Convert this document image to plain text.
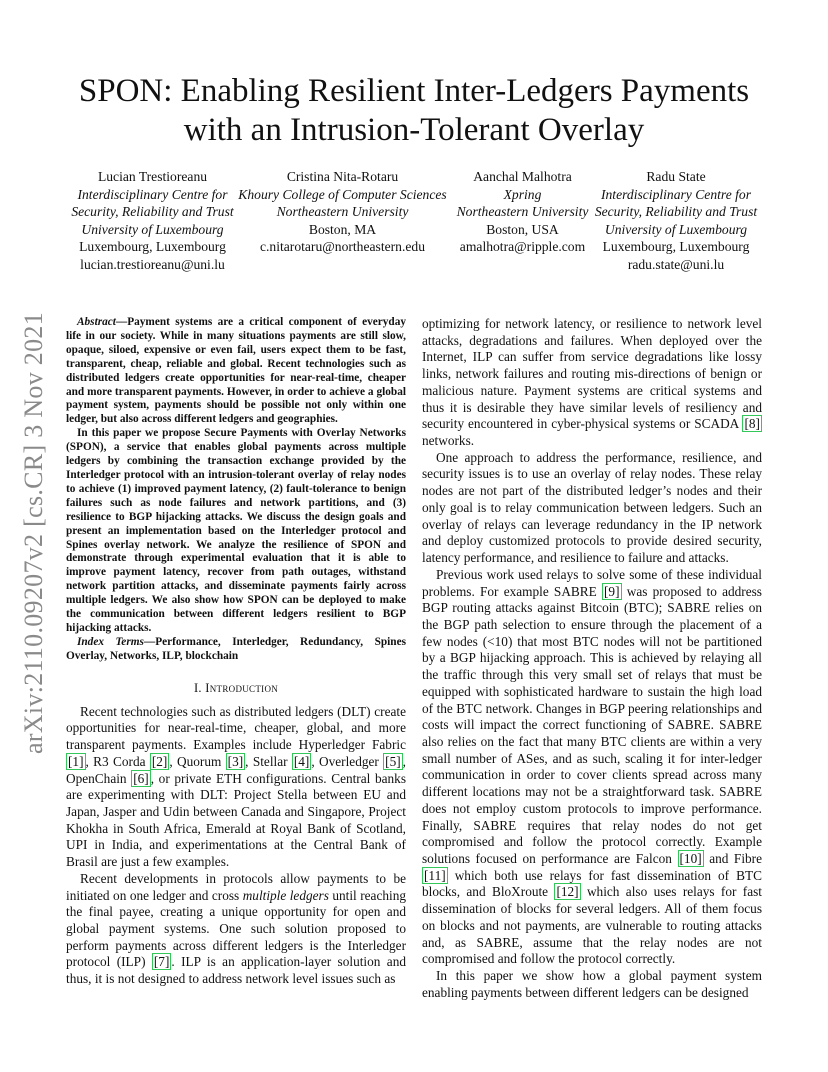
arXiv:2110.09207v2 [cs.CR] 3 Nov 2021
SPON: Enabling Resilient Inter-Ledgers Payments
with an Intrusion-Tolerant Overlay
Lucian Trestioreanu
Interdisciplinary Centre for
Security, Reliability and Trust
University of Luxembourg
Luxembourg, Luxembourg
lucian.trestioreanu@uni.lu
Cristina Nita-Rotaru
Khoury College of Computer Sciences
Northeastern University
Boston, MA
c.nitarotaru@northeastern.edu
Aanchal Malhotra
Xpring
Northeastern University
Boston, USA
amalhotra@ripple.com
Radu State
Interdisciplinary Centre for
Security, Reliability and Trust
University of Luxembourg
Luxembourg, Luxembourg
radu.state@uni.lu

Abstract—Payment systems are a critical component of everyday life in our society. While in many situations payments are still slow, opaque, siloed, expensive or even fail, users expect them to be fast, transparent, cheap, reliable and global. Recent technologies such as distributed ledgers create opportunities for near-real-time, cheaper and more transparent payments. However, in order to achieve a global payment system, payments should be possible not only within one ledger, but also across different ledgers and geographies.

In this paper we propose Secure Payments with Overlay Networks (SPON), a service that enables global payments across multiple ledgers by combining the transaction exchange provided by the Interledger protocol with an intrusion-tolerant overlay of relay nodes to achieve (1) improved payment latency, (2) fault-tolerance to benign failures such as node failures and network partitions, and (3) resilience to BGP hijacking attacks. We discuss the design goals and present an implementation based on the Interledger protocol and Spines overlay network. We analyze the resilience of SPON and demonstrate through experimental evaluation that it is able to improve payment latency, recover from path outages, withstand network partition attacks, and disseminate payments fairly across multiple ledgers. We also show how SPON can be deployed to make the communication between different ledgers resilient to BGP hijacking attacks.

Index Terms—Performance, Interledger, Redundancy, Spines Overlay, Networks, ILP, blockchain

I. Introduction

Recent technologies such as distributed ledgers (DLT) create opportunities for near-real-time, cheaper, global, and more transparent payments. Examples include Hyperledger Fabric [1] , R3 Corda [2] , Quorum [3] , Stellar [4] , Overledger [5] , OpenChain [6] , or private ETH configurations. Central banks are experimenting with DLT: Project Stella between EU and Japan, Jasper and Udin between Canada and Singapore, Project Khokha in South Africa, Emerald at Royal Bank of Scotland, UPI in India, and experimentations at the Central Bank of Brasil are just a few examples.

Recent developments in protocols allow payments to be initiated on one ledger and cross multiple ledgers until reaching the final payee, creating a unique opportunity for open and global payment systems. One such solution proposed to perform payments across different ledgers is the Interledger protocol (ILP) [7] . ILP is an application-layer solution and thus, it is not designed to address network level issues such as

optimizing for network latency, or resilience to network level attacks, degradations and failures. When deployed over the Internet, ILP can suffer from service degradations like lossy links, network failures and routing mis-directions of benign or malicious nature. Payment systems are critical systems and thus it is desirable they have similar levels of resiliency and security encountered in cyber-physical systems or SCADA [8] networks.

One approach to address the performance, resilience, and security issues is to use an overlay of relay nodes. These relay nodes are not part of the distributed ledger’s nodes and their only goal is to relay communication between ledgers. Such an overlay of relays can leverage redundancy in the IP network and deploy customized protocols to provide desired security, latency performance, and resilience to failure and attacks.

Previous work used relays to solve some of these individual problems. For example SABRE [9] was proposed to address BGP routing attacks against Bitcoin (BTC); SABRE relies on the BGP path selection to ensure through the placement of a few nodes (<10) that most BTC nodes will not be partitioned by a BGP hijacking approach. This is achieved by relaying all the traffic through this very small set of relays that must be equipped with sophisticated hardware to sustain the high load of the BTC network. Changes in BGP peering relationships and costs will impact the correct functioning of SABRE. SABRE also relies on the fact that many BTC clients are within a very small number of ASes, and as such, scaling it for inter-ledger communication in order to cover clients spread across many different locations may not be a straightforward task. SABRE does not employ custom protocols to improve performance. Finally, SABRE requires that relay nodes do not get compromised and follow the protocol correctly. Example solutions focused on performance are Falcon [10] and Fibre [11] which both use relays for fast dissemination of BTC blocks, and BloXroute [12] which also uses relays for fast dissemination of blocks for several ledgers. All of them focus on blocks and not payments, are vulnerable to routing attacks and, as SABRE, assume that the relay nodes are not compromised and follow the protocol correctly.

In this paper we show how a global payment system enabling payments between different ledgers can be designed
